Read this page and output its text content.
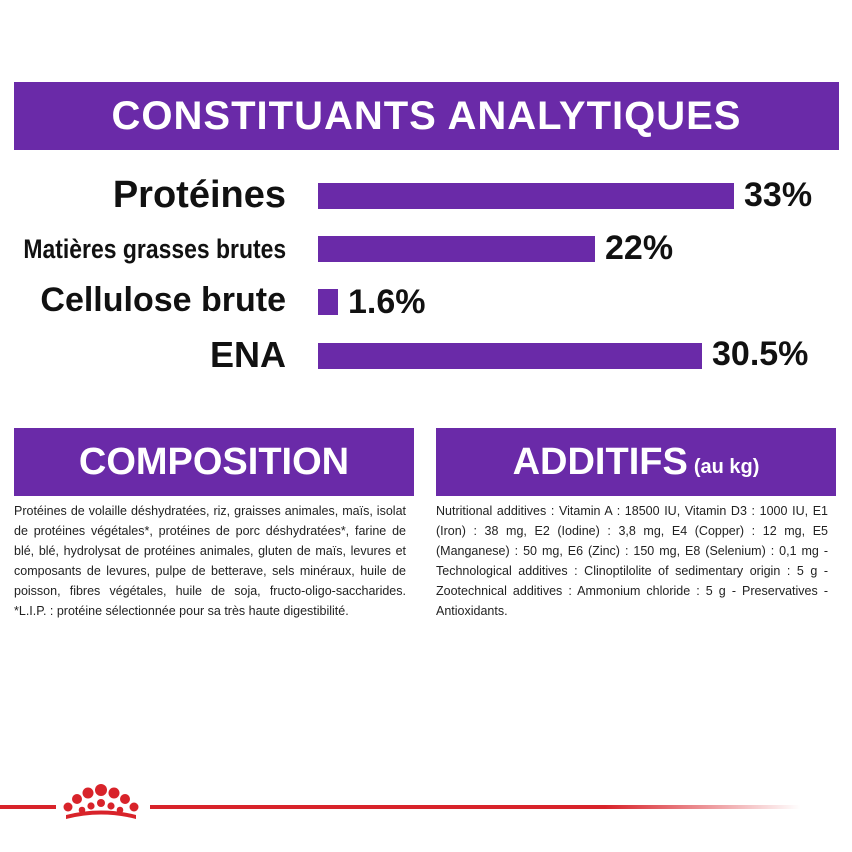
CONSTITUANTS ANALYTIQUES
Protéines	33%
Matières grasses brutes	22%
Cellulose brute 1.6%
ENA	30.5%
COMPOSITION

Protéines de volaille déshydratées, riz, graisses animales, maïs, isolat de protéines végétales*, protéines de porc déshydratées*, farine de blé, blé, hydrolysat de protéines animales, gluten de maïs, levures et composants de levures, pulpe de betterave, sels minéraux, huile de poisson, fibres végétales, huile de soja, fructo-oligo-saccharides. *L.I.P. : protéine sélectionnée pour sa très haute digestibilité.

ADDITIFS (au kg)

Nutritional additives : Vitamin A : 18500 IU, Vitamin D3 : 1000 IU, E1 (Iron) : 38 mg, E2 (Iodine) : 3,8 mg, E4 (Copper) : 12 mg, E5 (Manganese) : 50 mg, E6 (Zinc) : 150 mg, E8 (Selenium) : 0,1 mg - Technological additives : Clinoptilolite of sedimentary origin : 5 g - Zootechnical additives : Ammonium chloride : 5 g - Preservatives - Antioxidants.
